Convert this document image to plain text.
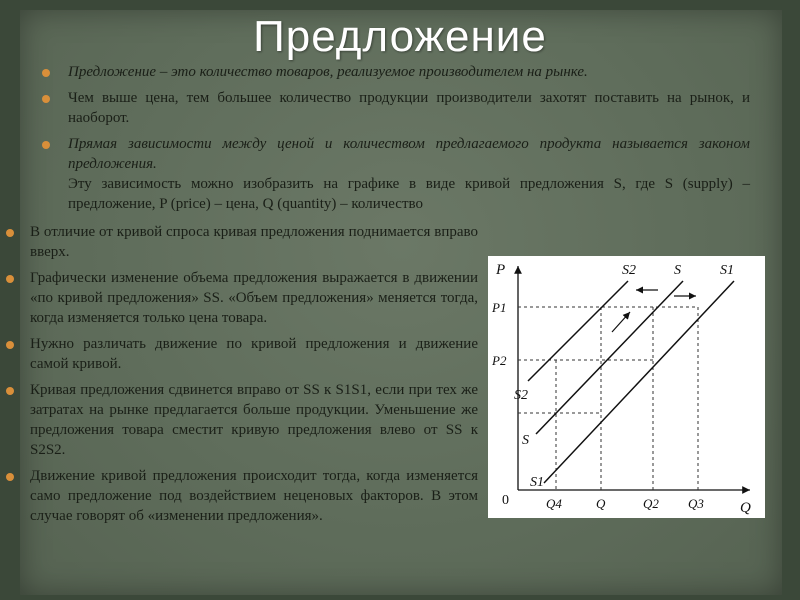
Предложение
Предложение – это количество товаров, реализуемое производителем на рынке.
Чем выше цена, тем большее количество продукции производители захотят поставить на рынок, и наоборот.
Прямая зависимости между ценой и количеством предлагаемого продукта называется законом предложения.
Эту зависимость можно изобразить на графике в виде кривой предложения S, где S (supply) – предложение, P (price) – цена, Q (quantity) – количество
В отличие от кривой спроса кривая предложения поднимается вправо вверх.
Графически изменение объема предложения выражается в движении «по кривой предложения» SS. «Объем предложения» меняется тогда, когда изменяется только цена товара.
Нужно различать движение по кривой предложения и движение самой кривой.
Кривая предложения сдвинется вправо от SS к S1S1, если при тех же затратах на рынке предлагается больше продукции. Уменьшение же предложения товара сместит кривую предложения влево от SS к S2S2.
Движение кривой предложения происходит тогда, когда изменяется само предложение под воздействием неценовых факторов. В этом случае говорят об «изменении предложения».
P
Q
0
S2	S	S1
S2
S
S1
P1
P2
Q4	Q	Q2 Q3
